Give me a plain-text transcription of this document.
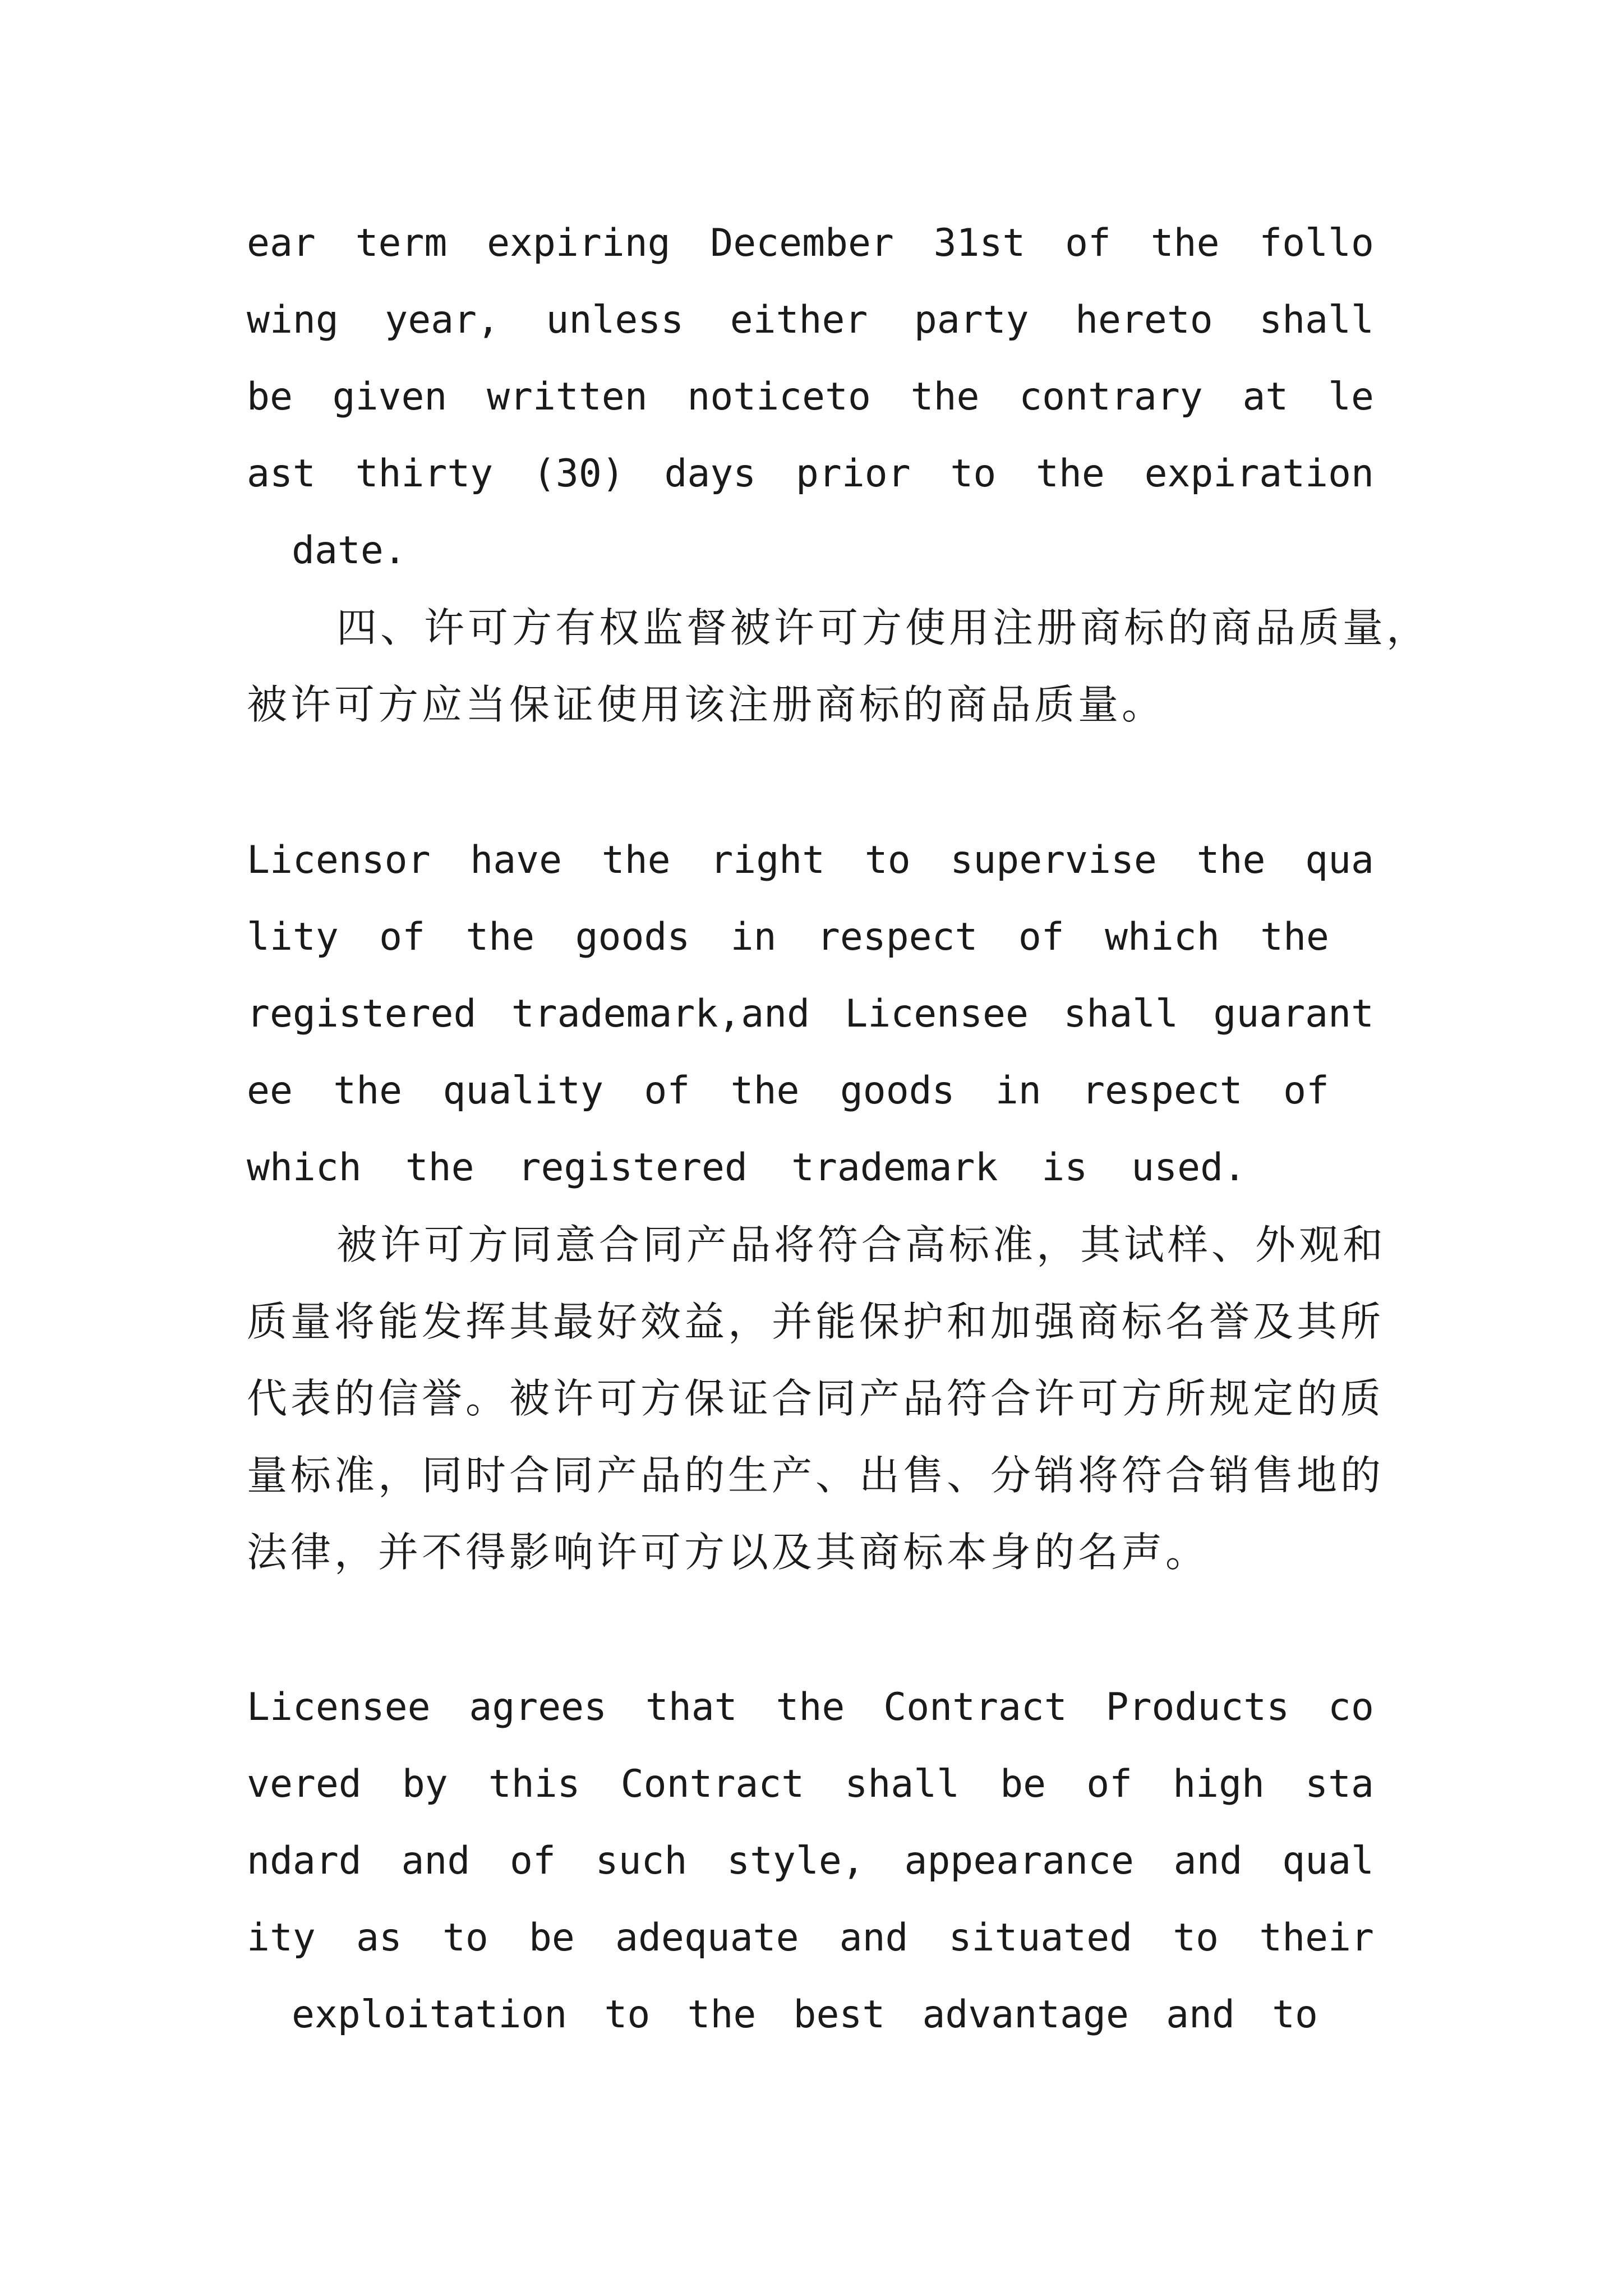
ear term expiring December 31st of the follo
wing year, unless either party hereto shall
be given written noticeto the contrary at le
ast thirty (30) days prior to the expiration
date.
四、许可方有权监督被许可方使用注册商标的商品质量，
被许可方应当保证使用该注册商标的商品质量。
Licensor have the right to supervise the qua
lity of the goods in respect of which the
registered trademark,and Licensee shall guarant
ee the quality of the goods in respect of
which the registered trademark is used.
被许可方同意合同产品将符合高标准，其试样、外观和
质量将能发挥其最好效益，并能保护和加强商标名誉及其所
代表的信誉。被许可方保证合同产品符合许可方所规定的质
量标准，同时合同产品的生产、出售、分销将符合销售地的
法律，并不得影响许可方以及其商标本身的名声。
Licensee agrees that the Contract Products co
vered by this Contract shall be of high sta
ndard and of such style, appearance and qual
ity as to be adequate and situated to their
exploitation to the best advantage and to
